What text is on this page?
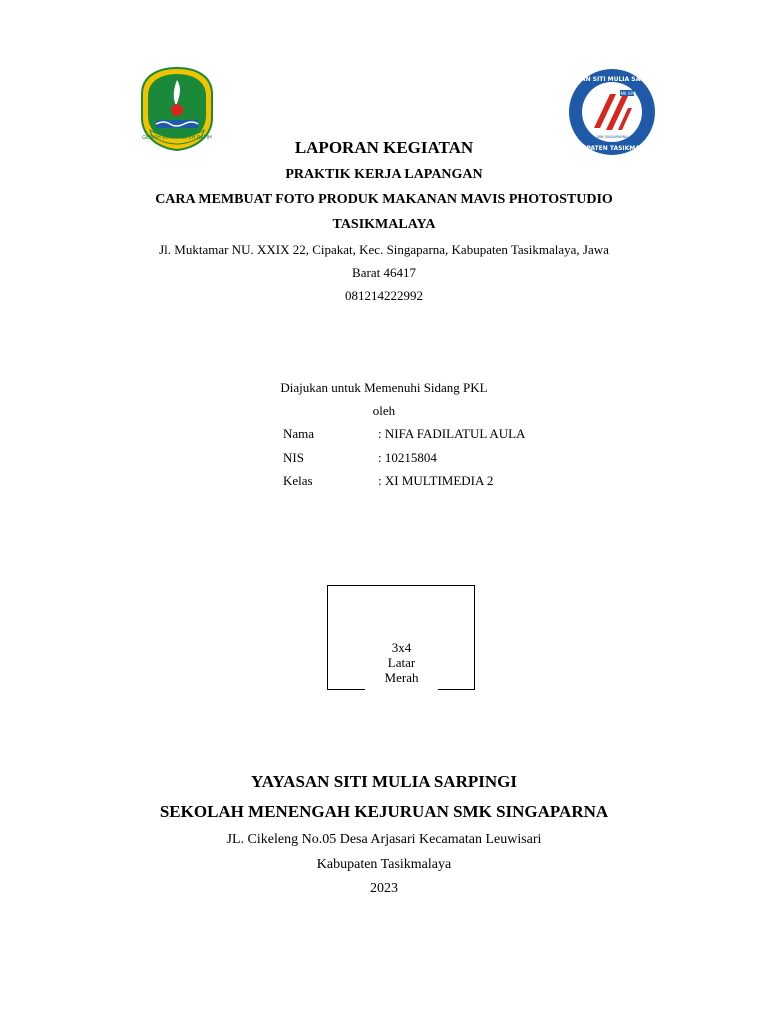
GEMAH RIPAH REPEH RAPIH
SMK SPG
YAYASAN SITI MULIA SARPINGI
KABUPATEN TASIKMALAYA
SMK SINGAPARNA
LAPORAN KEGIATAN
PRAKTIK KERJA LAPANGAN
CARA MEMBUAT FOTO PRODUK MAKANAN MAVIS PHOTOSTUDIO
TASIKMALAYA
Jl. Muktamar NU. XXIX 22, Cipakat, Kec. Singaparna, Kabupaten Tasikmalaya, Jawa
Barat 46417
081214222992
Diajukan untuk Memenuhi Sidang PKL
oleh
Nama	: NIFA FADILATUL AULA
NIS	: 10215804
Kelas	: XI MULTIMEDIA 2
3x4
Latar
Merah
YAYASAN SITI MULIA SARPINGI
SEKOLAH MENENGAH KEJURUAN SMK SINGAPARNA
JL. Cikeleng No.05 Desa Arjasari Kecamatan Leuwisari
Kabupaten Tasikmalaya
2023
